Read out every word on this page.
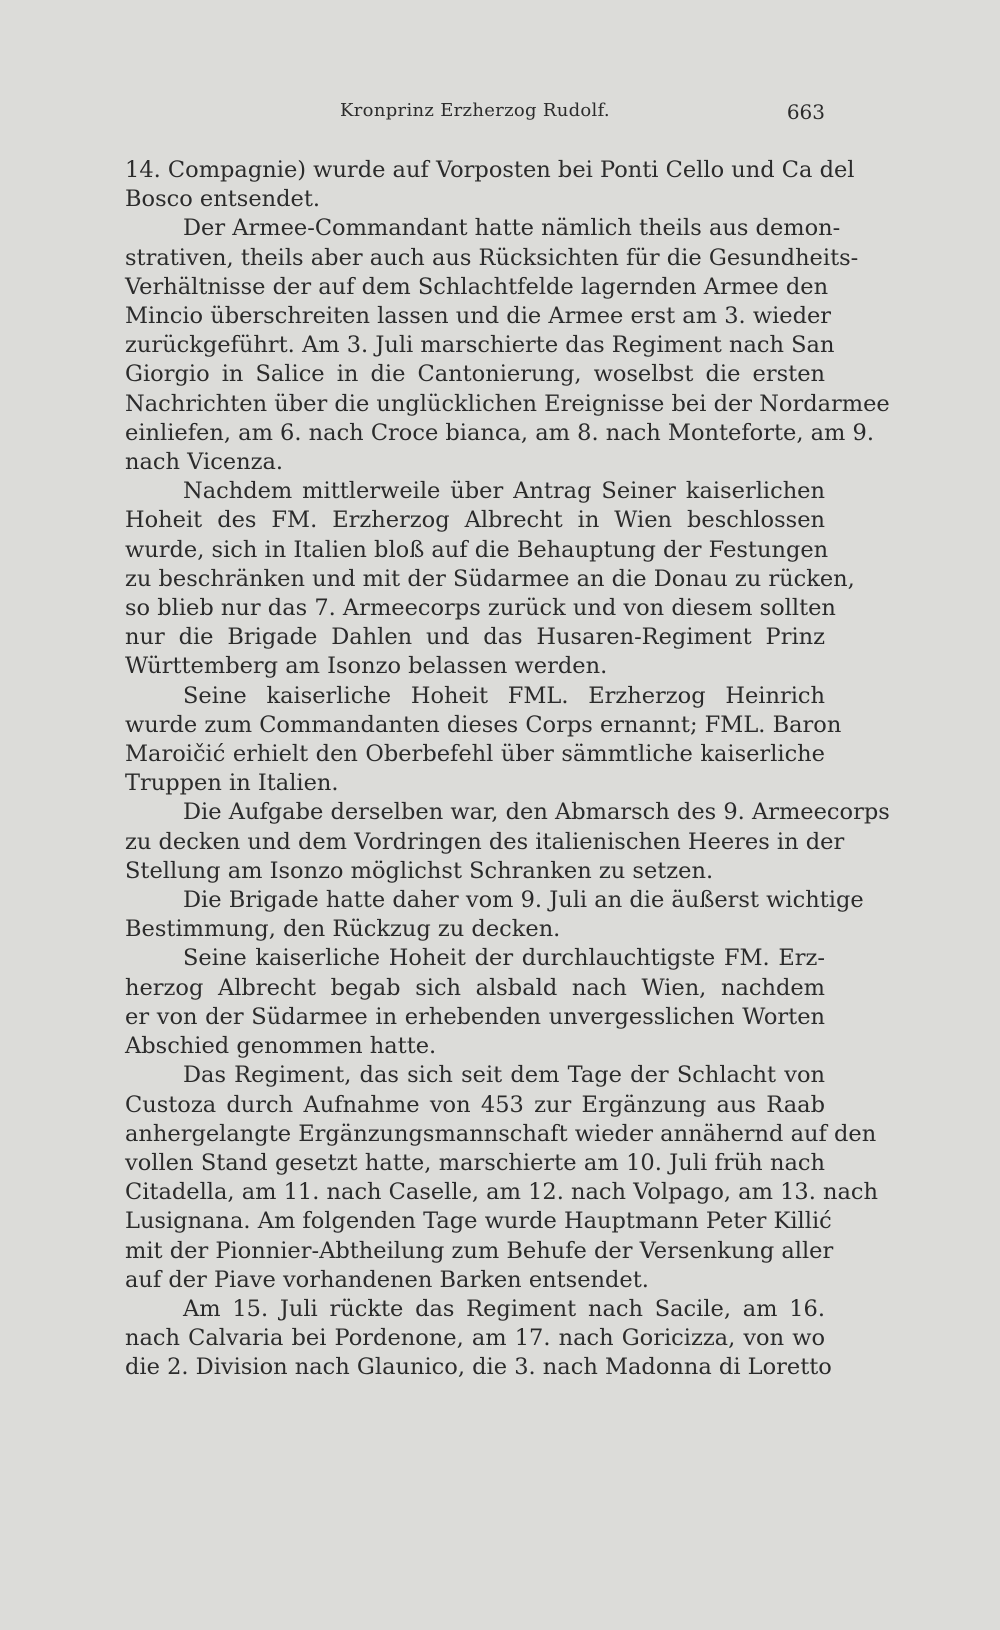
Kronprinz Erzherzog Rudolf.	663
14. Compagnie) wurde auf Vorposten bei Ponti Cello und Ca del
Bosco entsendet.
Der Armee-Commandant hatte nämlich theils aus demon-
strativen, theils aber auch aus Rücksichten für die Gesundheits-
Verhältnisse der auf dem Schlachtfelde lagernden Armee den
Mincio überschreiten lassen und die Armee erst am 3. wieder
zurückgeführt. Am 3. Juli marschierte das Regiment nach San
Giorgio in Salice in die Cantonierung, woselbst die ersten
Nachrichten über die unglücklichen Ereignisse bei der Nordarmee
einliefen, am 6. nach Croce bianca, am 8. nach Monteforte, am 9.
nach Vicenza.
Nachdem mittlerweile über Antrag Seiner kaiserlichen
Hoheit des FM. Erzherzog Albrecht in Wien beschlossen
wurde, sich in Italien bloß auf die Behauptung der Festungen
zu beschränken und mit der Südarmee an die Donau zu rücken,
so blieb nur das 7. Armeecorps zurück und von diesem sollten
nur die Brigade Dahlen und das Husaren-Regiment Prinz
Württemberg am Isonzo belassen werden.
Seine kaiserliche Hoheit FML. Erzherzog Heinrich
wurde zum Commandanten dieses Corps ernannt; FML. Baron
Maroičić erhielt den Oberbefehl über sämmtliche kaiserliche
Truppen in Italien.
Die Aufgabe derselben war, den Abmarsch des 9. Armeecorps
zu decken und dem Vordringen des italienischen Heeres in der
Stellung am Isonzo möglichst Schranken zu setzen.
Die Brigade hatte daher vom 9. Juli an die äußerst wichtige
Bestimmung, den Rückzug zu decken.
Seine kaiserliche Hoheit der durchlauchtigste FM. Erz-
herzog Albrecht begab sich alsbald nach Wien, nachdem
er von der Südarmee in erhebenden unvergesslichen Worten
Abschied genommen hatte.
Das Regiment, das sich seit dem Tage der Schlacht von
Custoza durch Aufnahme von 453 zur Ergänzung aus Raab
anhergelangte Ergänzungsmannschaft wieder annähernd auf den
vollen Stand gesetzt hatte, marschierte am 10. Juli früh nach
Citadella, am 11. nach Caselle, am 12. nach Volpago, am 13. nach
Lusignana. Am folgenden Tage wurde Hauptmann Peter Killić
mit der Pionnier-Abtheilung zum Behufe der Versenkung aller
auf der Piave vorhandenen Barken entsendet.
Am 15. Juli rückte das Regiment nach Sacile, am 16.
nach Calvaria bei Pordenone, am 17. nach Goricizza, von wo
die 2. Division nach Glaunico, die 3. nach Madonna di Loretto
